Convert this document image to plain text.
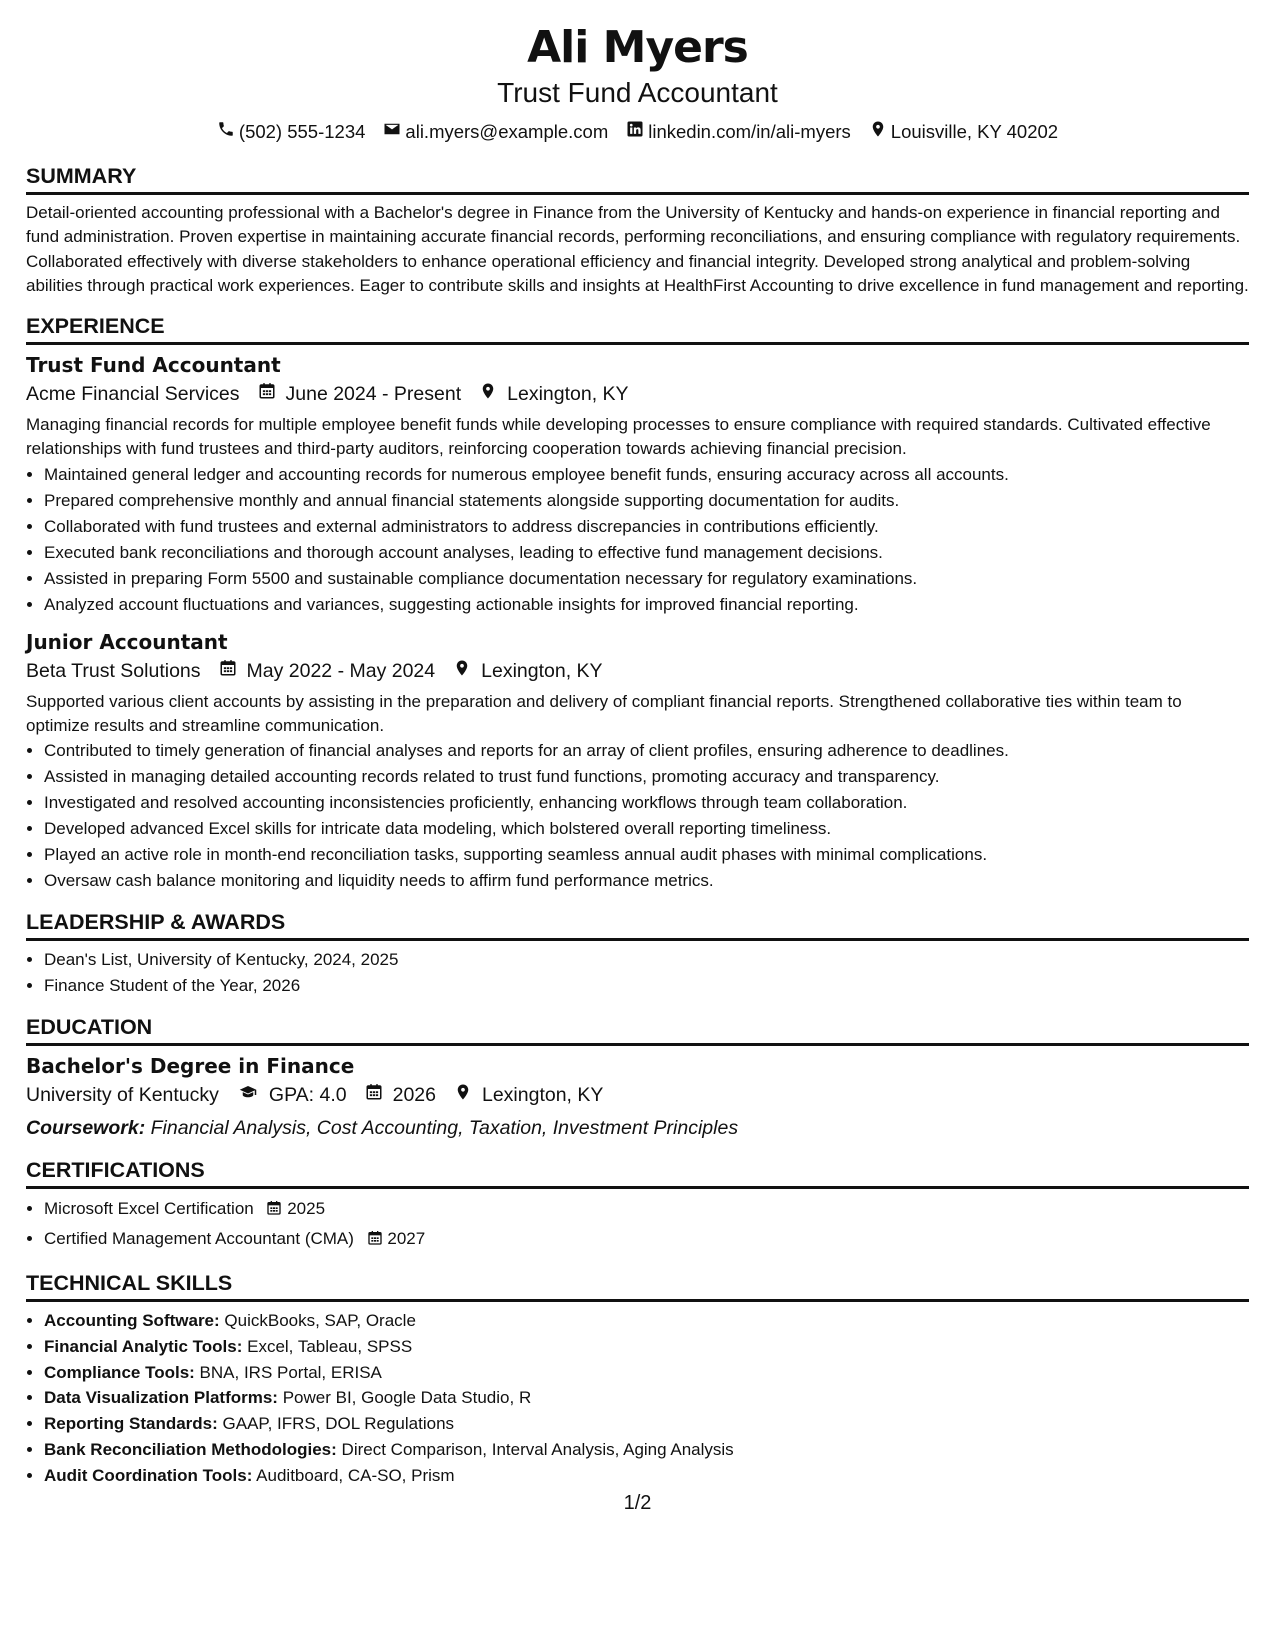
Ali Myers
Trust Fund Accountant
(502) 555-1234 ali.myers@example.com linkedin.com/in/ali-myers Louisville, KY 40202
SUMMARY

Detail-oriented accounting professional with a Bachelor's degree in Finance from the University of Kentucky and hands-on experience in financial reporting and fund administration. Proven expertise in maintaining accurate financial records, performing reconciliations, and ensuring compliance with regulatory requirements. Collaborated effectively with diverse stakeholders to enhance operational efficiency and financial integrity. Developed strong analytical and problem-solving abilities through practical work experiences. Eager to contribute skills and insights at HealthFirst Accounting to drive excellence in fund management and reporting.

EXPERIENCE
Trust Fund Accountant
Acme Financial Services June 2024 - Present Lexington, KY

Managing financial records for multiple employee benefit funds while developing processes to ensure compliance with required standards. Cultivated effective relationships with fund trustees and third-party auditors, reinforcing cooperation towards achieving financial precision.

• Maintained general ledger and accounting records for numerous employee benefit funds, ensuring accuracy across all accounts.
• Prepared comprehensive monthly and annual financial statements alongside supporting documentation for audits.
• Collaborated with fund trustees and external administrators to address discrepancies in contributions efficiently.
• Executed bank reconciliations and thorough account analyses, leading to effective fund management decisions.
• Assisted in preparing Form 5500 and sustainable compliance documentation necessary for regulatory examinations.
• Analyzed account fluctuations and variances, suggesting actionable insights for improved financial reporting.
Junior Accountant
Beta Trust Solutions May 2022 - May 2024 Lexington, KY

Supported various client accounts by assisting in the preparation and delivery of compliant financial reports. Strengthened collaborative ties within team to optimize results and streamline communication.

• Contributed to timely generation of financial analyses and reports for an array of client profiles, ensuring adherence to deadlines.
• Assisted in managing detailed accounting records related to trust fund functions, promoting accuracy and transparency.
• Investigated and resolved accounting inconsistencies proficiently, enhancing workflows through team collaboration.
• Developed advanced Excel skills for intricate data modeling, which bolstered overall reporting timeliness.
• Played an active role in month-end reconciliation tasks, supporting seamless annual audit phases with minimal complications.
• Oversaw cash balance monitoring and liquidity needs to affirm fund performance metrics.
LEADERSHIP & AWARDS
• Dean's List, University of Kentucky, 2024, 2025
• Finance Student of the Year, 2026
EDUCATION
Bachelor's Degree in Finance
University of Kentucky	GPA: 4.0 2026 Lexington, KY
Coursework: Financial Analysis, Cost Accounting, Taxation, Investment Principles
CERTIFICATIONS
• Microsoft Excel Certification 2025
• Certified Management Accountant (CMA) 2027
TECHNICAL SKILLS
• Accounting Software: QuickBooks, SAP, Oracle
• Financial Analytic Tools: Excel, Tableau, SPSS
• Compliance Tools: BNA, IRS Portal, ERISA
• Data Visualization Platforms: Power BI, Google Data Studio, R
• Reporting Standards: GAAP, IFRS, DOL Regulations
• Bank Reconciliation Methodologies: Direct Comparison, Interval Analysis, Aging Analysis
• Audit Coordination Tools: Auditboard, CA-SO, Prism
1/2
